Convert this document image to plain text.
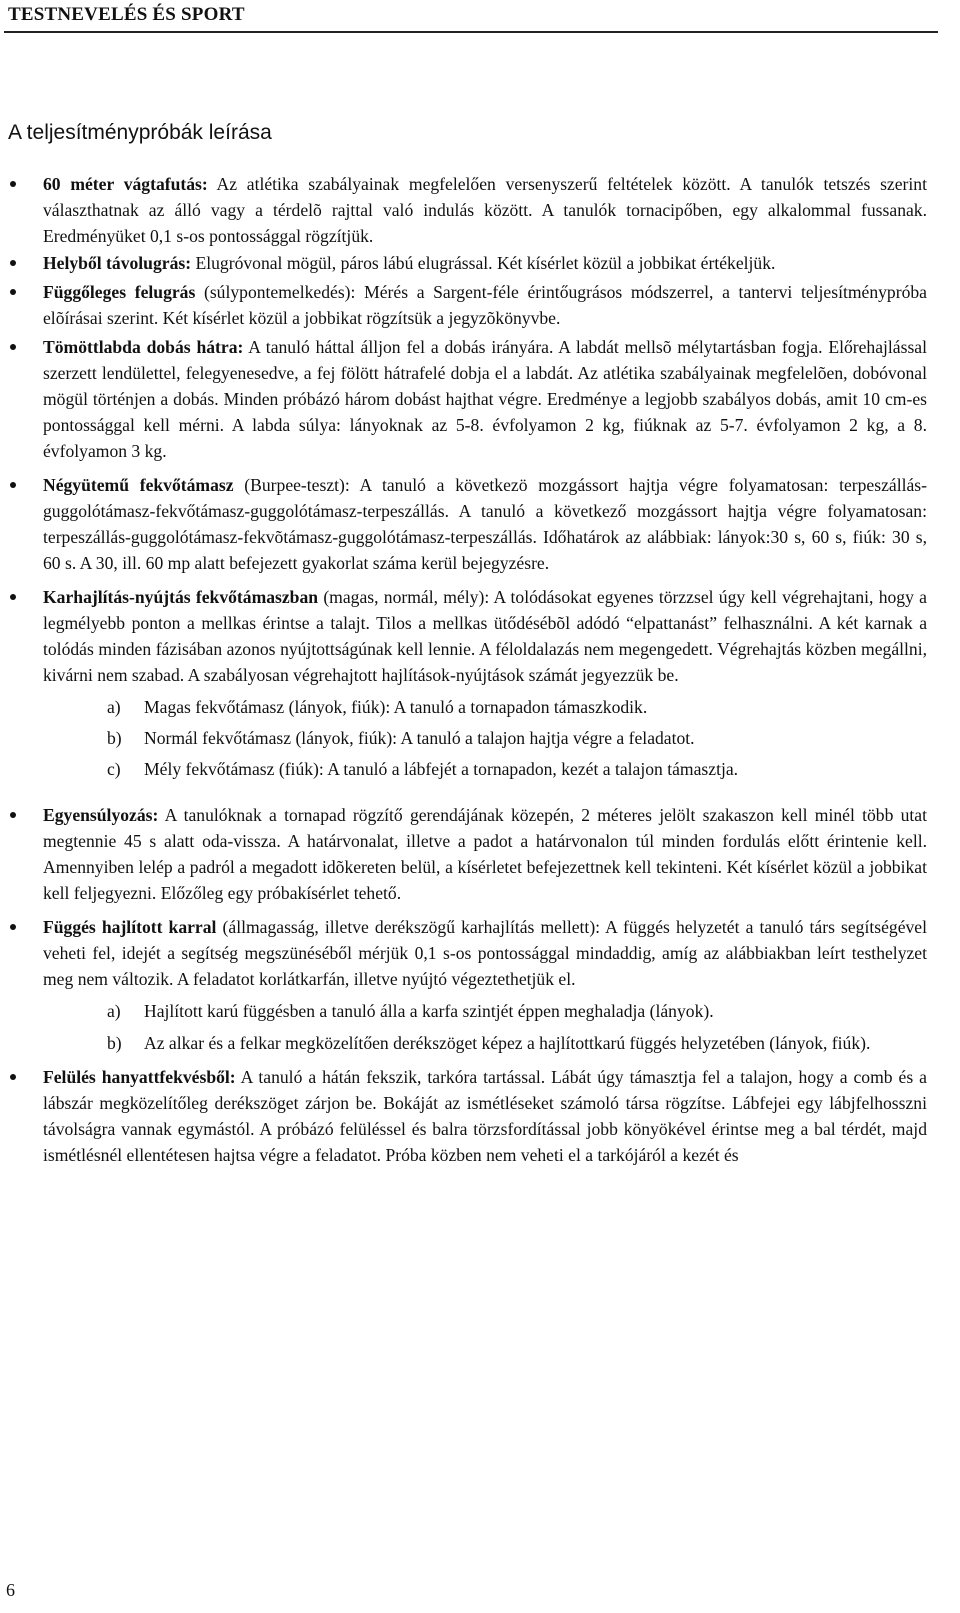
TESTNEVELÉS ÉS SPORT
A teljesítménypróbák leírása
60 méter vágtafutás: Az atlétika szabályainak megfelelően versenyszerű feltételek között. A tanulók tetszés szerint választhatnak az álló vagy a térdelõ rajttal való indulás között. A tanulók tornacipőben, egy alkalommal fussanak. Eredményüket 0,1 s-os pontossággal rögzítjük.
Helyből távolugrás: Elugróvonal mögül, páros lábú elugrással. Két kísérlet közül a jobbikat értékeljük.
Függőleges felugrás (súlypontemelkedés): Mérés a Sargent-féle érintőugrásos módszerrel, a tantervi teljesítménypróba elõírásai szerint. Két kísérlet közül a jobbikat rögzítsük a jegyzõkönyvbe.
Tömöttlabda dobás hátra: A tanuló háttal álljon fel a dobás irányára. A labdát mellsõ mélytartásban fogja. Előrehajlással szerzett lendülettel, felegyenesedve, a fej fölött hátrafelé dobja el a labdát. Az atlétika szabályainak megfelelõen, dobóvonal mögül történjen a dobás. Minden próbázó három dobást hajthat végre. Eredménye a legjobb szabályos dobás, amit 10 cm-es pontossággal kell mérni. A labda súlya: lányoknak az 5-8. évfolyamon 2 kg, fiúknak az 5-7. évfolyamon 2 kg, a 8. évfolyamon 3 kg.
Négyütemű fekvőtámasz (Burpee-teszt): A tanuló a következö mozgássort hajtja végre folyamatosan: terpeszállás-guggolótámasz-fekvőtámasz-guggolótámasz-terpeszállás. A tanuló a következő mozgássort hajtja végre folyamatosan: terpeszállás-guggolótámasz-fekvõtámasz-guggolótámasz-terpeszállás. Időhatárok az alábbiak: lányok:30 s, 60 s, fiúk: 30 s, 60 s. A 30, ill. 60 mp alatt befejezett gyakorlat száma kerül bejegyzésre.
Karhajlítás-nyújtás fekvőtámaszban (magas, normál, mély): A tolódásokat egyenes törzzsel úgy kell végrehajtani, hogy a legmélyebb ponton a mellkas érintse a talajt. Tilos a mellkas ütődésébõl adódó “elpattanást” felhasználni. A két karnak a tolódás minden fázisában azonos nyújtottságúnak kell lennie. A féloldalazás nem megengedett. Végrehajtás közben megállni, kivárni nem szabad. A szabályosan végrehajtott hajlítások-nyújtások számát jegyezzük be.
a) Magas fekvőtámasz (lányok, fiúk): A tanuló a tornapadon támaszkodik.
b) Normál fekvőtámasz (lányok, fiúk): A tanuló a talajon hajtja végre a feladatot.
c) Mély fekvőtámasz (fiúk): A tanuló a lábfejét a tornapadon, kezét a talajon támasztja.
Egyensúlyozás: A tanulóknak a tornapad rögzítő gerendájának közepén, 2 méteres jelölt szakaszon kell minél több utat megtennie 45 s alatt oda-vissza. A határvonalat, illetve a padot a határvonalon túl minden fordulás előtt érintenie kell. Amennyiben lelép a padról a megadott idõkereten belül, a kísérletet befejezettnek kell tekinteni. Két kísérlet közül a jobbikat kell feljegyezni. Előzőleg egy próbakísérlet tehető.
Függés hajlított karral (állmagasság, illetve derékszögű karhajlítás mellett): A függés helyzetét a tanuló társ segítségével veheti fel, idejét a segítség megszünéséből mérjük 0,1 s-os pontossággal mindaddig, amíg az alábbiakban leírt testhelyzet meg nem változik. A feladatot korlátkarfán, illetve nyújtó végeztethetjük el.
a) Hajlított karú függésben a tanuló álla a karfa szintjét éppen meghaladja (lányok).
b) Az alkar és a felkar megközelítően derékszöget képez a hajlítottkarú függés helyzetében (lányok, fiúk).
Felülés hanyattfekvésből: A tanuló a hátán fekszik, tarkóra tartással. Lábát úgy támasztja fel a talajon, hogy a comb és a lábszár megközelítőleg derékszöget zárjon be. Bokáját az ismétléseket számoló társa rögzítse. Lábfejei egy lábjfelhosszni távolságra vannak egymástól. A próbázó felüléssel és balra törzsfordítással jobb könyökével érintse meg a bal térdét, majd ismétlésnél ellentétesen hajtsa végre a feladatot. Próba közben nem veheti el a tarkójáról a kezét és
6
